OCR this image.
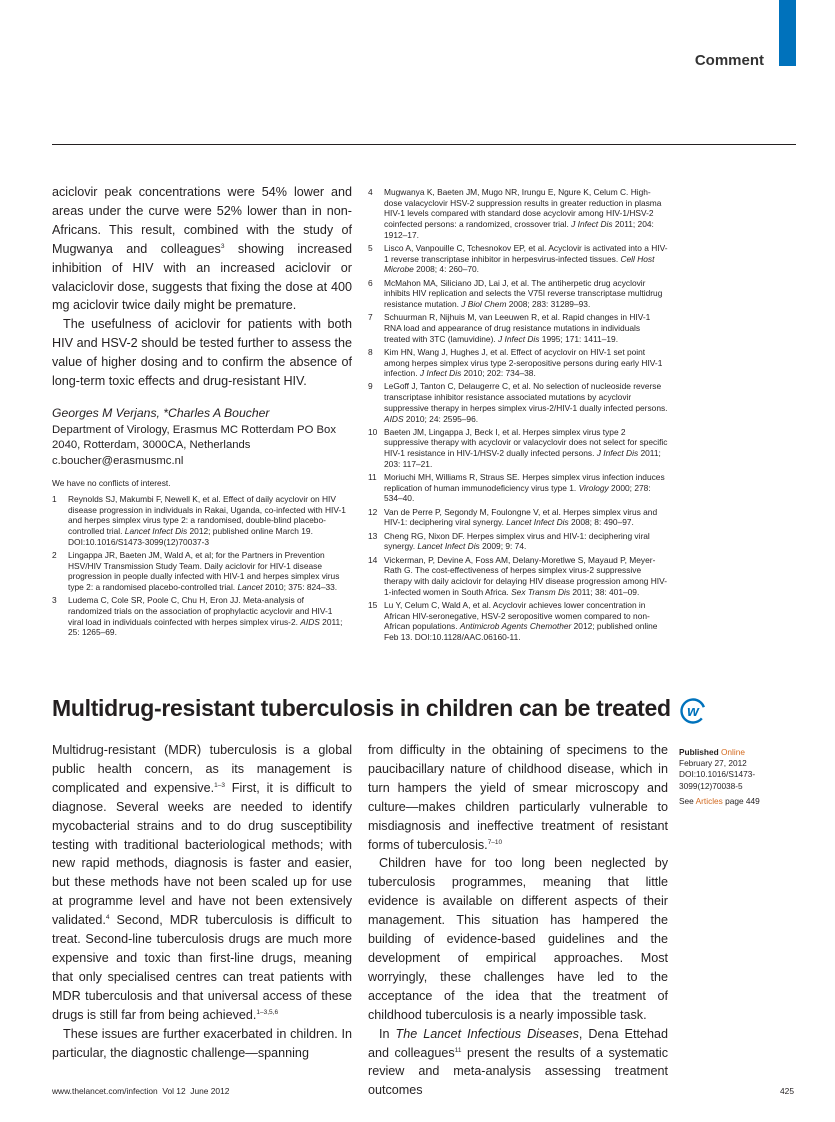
Comment

aciclovir peak concentrations were 54% lower and areas under the curve were 52% lower than in non-Africans. This result, combined with the study of Mugwanya and colleagues$^3$ showing increased inhibition of HIV with an increased aciclovir or valaciclovir dose, suggests that fixing the dose at 400 mg aciclovir twice daily might be premature.

The usefulness of aciclovir for patients with both HIV and HSV-2 should be tested further to assess the value of higher dosing and to confirm the absence of long-term toxic effects and drug-resistant HIV.

Georges M Verjans, *Charles A Boucher
Department of Virology, Erasmus MC Rotterdam PO Box 2040, Rotterdam, 3000CA, Netherlands
c.boucher@erasmusmc.nl
We have no conflicts of interest.
1	Reynolds SJ, Makumbi F, Newell K, et al. Effect of daily acyclovir on HIV disease progression in individuals in Rakai, Uganda, co-infected with HIV-1 and herpes simplex virus type 2: a randomised, double-blind placebo-controlled trial. Lancet Infect Dis 2012; published online March 19. DOI:10.1016/S1473-3099(12)70037-3
2	Lingappa JR, Baeten JM, Wald A, et al; for the Partners in Prevention HSV/HIV Transmission Study Team. Daily aciclovir for HIV-1 disease progression in people dually infected with HIV-1 and herpes simplex virus type 2: a randomised placebo-controlled trial. Lancet 2010; 375: 824–33.
3	Ludema C, Cole SR, Poole C, Chu H, Eron JJ. Meta-analysis of randomized trials on the association of prophylactic acyclovir and HIV-1 viral load in individuals coinfected with herpes simplex virus-2. AIDS 2011; 25: 1265–69.
4	Mugwanya K, Baeten JM, Mugo NR, Irungu E, Ngure K, Celum C. High-dose valacyclovir HSV-2 suppression results in greater reduction in plasma HIV-1 levels compared with standard dose acyclovir among HIV-1/HSV-2 coinfected persons: a randomized, crossover trial. J Infect Dis 2011; 204: 1912–17.
5	Lisco A, Vanpouille C, Tchesnokov EP, et al. Acyclovir is activated into a HIV-1 reverse transcriptase inhibitor in herpesvirus-infected tissues. Cell Host Microbe 2008; 4: 260–70.
6	McMahon MA, Siliciano JD, Lai J, et al. The antiherpetic drug acyclovir inhibits HIV replication and selects the V75I reverse transcriptase multidrug resistance mutation. J Biol Chem 2008; 283: 31289–93.
7	Schuurman R, Nijhuis M, van Leeuwen R, et al. Rapid changes in HIV-1 RNA load and appearance of drug resistance mutations in individuals treated with 3TC (lamuvidine). J Infect Dis 1995; 171: 1411–19.
8	Kim HN, Wang J, Hughes J, et al. Effect of acyclovir on HIV-1 set point among herpes simplex virus type 2-seropositive persons during early HIV-1 infection. J Infect Dis 2010; 202: 734–38.
9	LeGoff J, Tanton C, Delaugerre C, et al. No selection of nucleoside reverse transcriptase inhibitor resistance associated mutations by acyclovir suppressive therapy in herpes simplex virus-2/HIV-1 dually infected persons. AIDS 2010; 24: 2595–96.
10 Baeten JM, Lingappa J, Beck I, et al. Herpes simplex virus type 2 suppressive therapy with acyclovir or valacyclovir does not select for specific HIV-1 resistance in HIV-1/HSV-2 dually infected persons. J Infect Dis 2011; 203: 117–21.
11 Moriuchi MH, Williams R, Straus SE. Herpes simplex virus infection induces replication of human immunodeficiency virus type 1. Virology 2000; 278: 534–40.
12 Van de Perre P, Segondy M, Foulongne V, et al. Herpes simplex virus and HIV-1: deciphering viral synergy. Lancet Infect Dis 2008; 8: 490–97.
13 Cheng RG, Nixon DF. Herpes simplex virus and HIV-1: deciphering viral synergy. Lancet Infect Dis 2009; 9: 74.
14 Vickerman, P, Devine A, Foss AM, Delany-Moretlwe S, Mayaud P, Meyer-Rath G. The cost-effectiveness of herpes simplex virus-2 suppressive therapy with daily aciclovir for delaying HIV disease progression among HIV-1-infected women in South Africa. Sex Transm Dis 2011; 38: 401–09.
15 Lu Y, Celum C, Wald A, et al. Acyclovir achieves lower concentration in African HIV-seronegative, HSV-2 seropositive women compared to non-African populations. Antimicrob Agents Chemother 2012; published online Feb 13. DOI:10.1128/AAC.06160-11.
Multidrug-resistant tuberculosis in children can be treated w

Multidrug-resistant (MDR) tuberculosis is a global public health concern, as its management is complicated and expensive.$^{1-3}$ First, it is difficult to diagnose. Several weeks are needed to identify mycobacterial strains and to do drug susceptibility testing with traditional bacteriological methods; with new rapid methods, diagnosis is faster and easier, but these methods have not been scaled up for use at programme level and have not been extensively validated.$^4$ Second, MDR tuberculosis is difficult to treat. Second-line tuberculosis drugs are much more expensive and toxic than first-line drugs, meaning that only specialised centres can treat patients with MDR tuberculosis and that universal access of these drugs is still far from being achieved.$^{1-3,5,6}$

These issues are further exacerbated in children. In particular, the diagnostic challenge—spanning

from difficulty in the obtaining of specimens to the paucibacillary nature of childhood disease, which in turn hampers the yield of smear microscopy and culture—makes children particularly vulnerable to misdiagnosis and ineffective treatment of resistant forms of tuberculosis.$^{7-10}$

Children have for too long been neglected by tuberculosis programmes, meaning that little evidence is available on different aspects of their management. This situation has hampered the building of evidence-based guidelines and the development of empirical approaches. Most worryingly, these challenges have led to the acceptance of the idea that the treatment of childhood tuberculosis is a nearly impossible task.

In The Lancet Infectious Diseases, Dena Ettehad and colleagues$^{11}$ present the results of a systematic review and meta-analysis assessing treatment outcomes

Published Online
February 27, 2012
DOI:10.1016/S1473-3099(12)70038-5
See Articles page 449
www.thelancet.com/infection  Vol 12  June 2012	425
